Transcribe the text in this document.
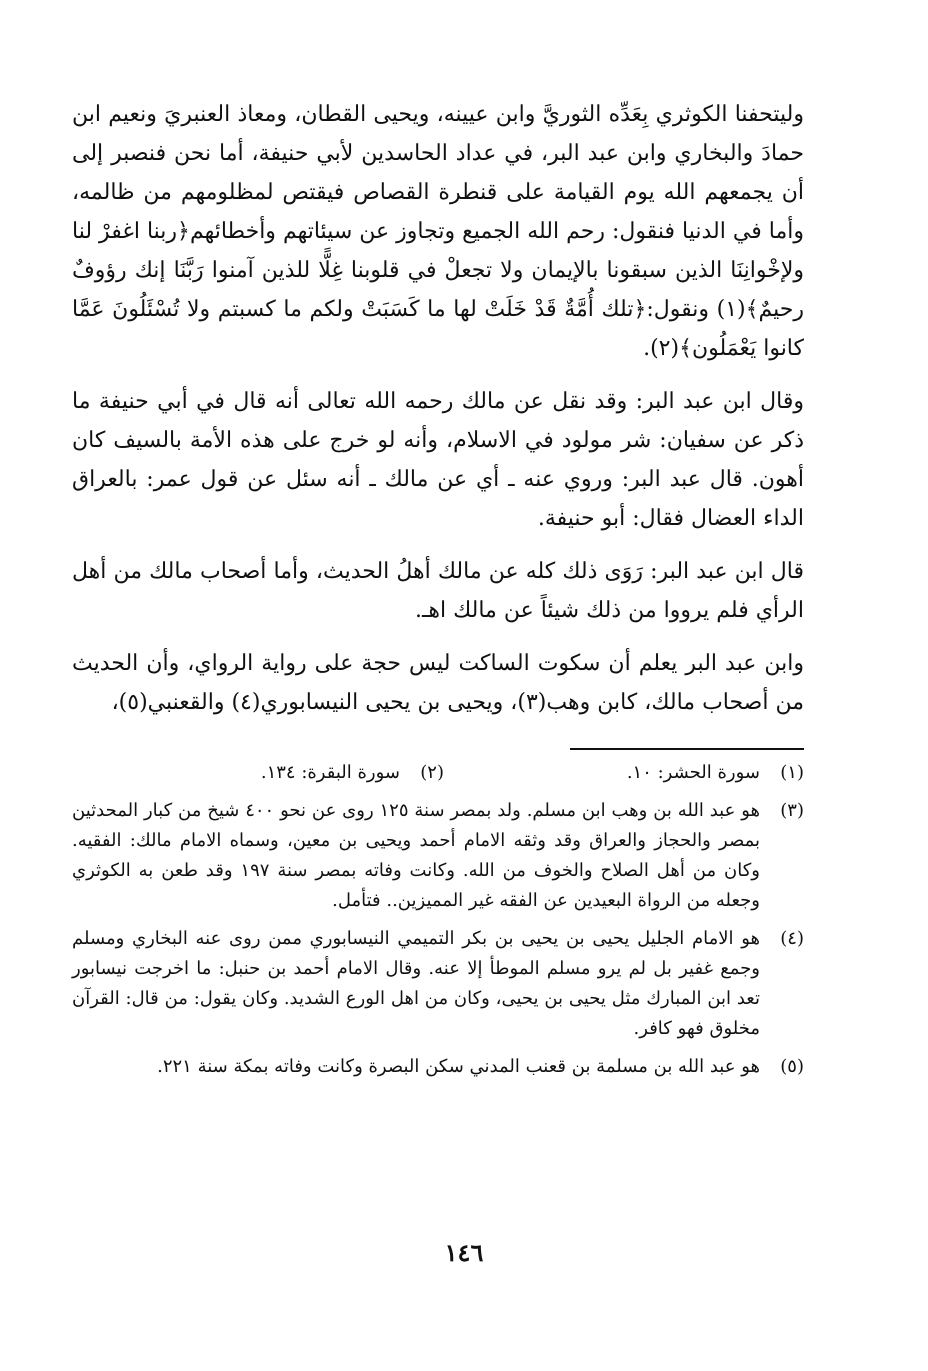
وليتحفنا الكوثري بِعَدِّه الثوريَّ وابن عيينه، ويحيى القطان، ومعاذ العنبريَ ونعيم ابن حمادَ والبخاري وابن عبد البر، في عداد الحاسدين لأبي حنيفة، أما نحن فنصبر إلى أن يجمعهم الله يوم القيامة على قنطرة القصاص فيقتص لمظلومهم من ظالمه، وأما في الدنيا فنقول: رحم الله الجميع وتجاوز عن سيئاتهم وأخطائهم﴿ربنا اغفرْ لنا ولإخْوانِنَا الذين سبقونا بالإيمان ولا تجعلْ في قلوبنا غِلًّا للذين آمنوا رَبَّنَا إنك رؤوفٌ رحيمٌ﴾(١) ونقول:﴿تلك أُمَّةٌ قَدْ خَلَتْ لها ما كَسَبَتْ ولكم ما كسبتم ولا تُسْئَلُونَ عَمَّا كانوا يَعْمَلُون﴾(٢).

وقال ابن عبد البر: وقد نقل عن مالك رحمه الله تعالى أنه قال في أبي حنيفة ما ذكر عن سفيان: شر مولود في الاسلام، وأنه لو خرج على هذه الأمة بالسيف كان أهون. قال عبد البر: وروي عنه ـ أي عن مالك ـ أنه سئل عن قول عمر: بالعراق الداء العضال فقال: أبو حنيفة.

قال ابن عبد البر: رَوَى ذلك كله عن مالك أهلُ الحديث، وأما أصحاب مالك من أهل الرأي فلم يرووا من ذلك شيئاً عن مالك اهـ.

وابن عبد البر يعلم أن سكوت الساكت ليس حجة على رواية الرواي، وأن الحديث من أصحاب مالك، كابن وهب(٣)، ويحيى بن يحيى النيسابوري(٤) والقعنبي(٥)،

(١)
سورة الحشر: ١٠.
(٢)
سورة البقرة: ١٣٤.
(٣)
هو عبد الله بن وهب ابن مسلم. ولد بمصر سنة ١٢٥ روى عن نحو ٤٠٠ شيخ من كبار المحدثين بمصر والحجاز والعراق وقد وثقه الامام أحمد ويحيى بن معين، وسماه الامام مالك: الفقيه. وكان من أهل الصلاح والخوف من الله. وكانت وفاته بمصر سنة ١٩٧ وقد طعن به الكوثري وجعله من الرواة البعيدين عن الفقه غير المميزين.. فتأمل.
(٤)
هو الامام الجليل يحيى بن يحيى بن بكر التميمي النيسابوري ممن روى عنه البخاري ومسلم وجمع غفير بل لم يرو مسلم الموطأ إلا عنه. وقال الامام أحمد بن حنبل: ما اخرجت نيسابور تعد ابن المبارك مثل يحيى بن يحيى، وكان من اهل الورع الشديد. وكان يقول: من قال: القرآن مخلوق فهو كافر.
(٥)
هو عبد الله بن مسلمة بن قعنب المدني سكن البصرة وكانت وفاته بمكة سنة ٢٢١.
١٤٦
